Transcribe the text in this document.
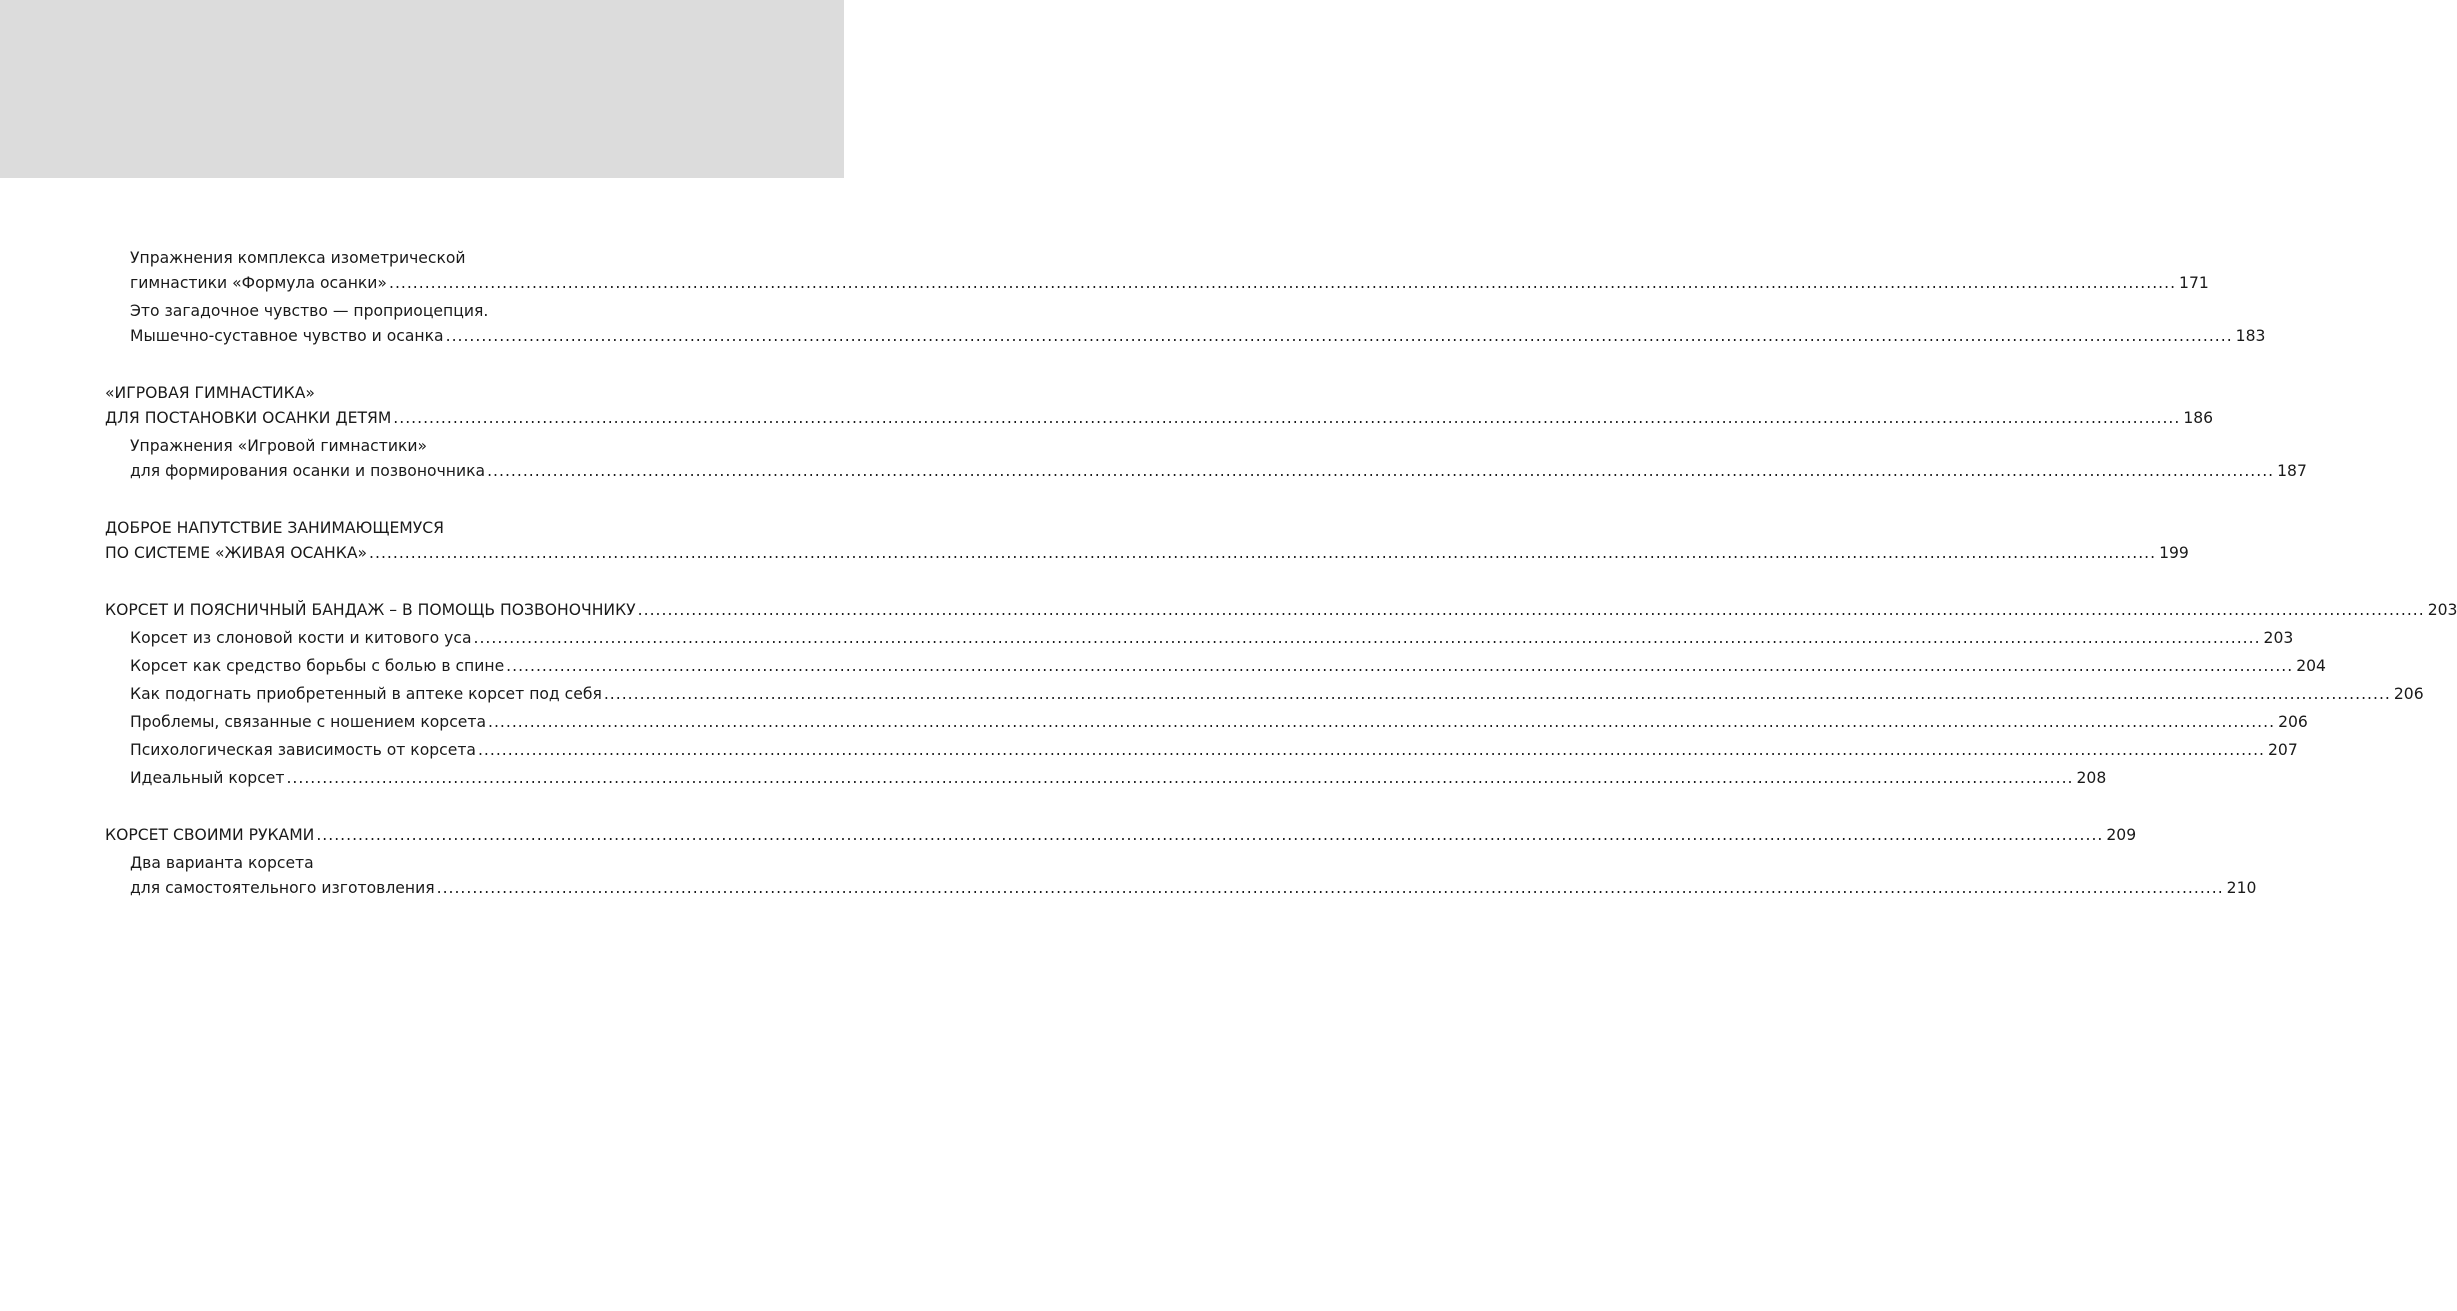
Упражнения комплекса изометрической
гимнастики «Формула осанки» ............................................................................................................................................................................................................................................................................................................ 171
Это загадочное чувство — проприоцепция.
Мышечно-суставное чувство и осанка ............................................................................................................................................................................................................................................................................................................ 183
«ИГРОВАЯ ГИМНАСТИКА»
ДЛЯ ПОСТАНОВКИ ОСАНКИ ДЕТЯМ ............................................................................................................................................................................................................................................................................................................ 186
Упражнения «Игровой гимнастики»
для формирования осанки и позвоночника ............................................................................................................................................................................................................................................................................................................ 187
ДОБРОЕ НАПУТСТВИЕ ЗАНИМАЮЩЕМУСЯ
ПО СИСТЕМЕ «ЖИВАЯ ОСАНКА» ............................................................................................................................................................................................................................................................................................................ 199
КОРСЕТ И ПОЯСНИЧНЫЙ БАНДАЖ – В ПОМОЩЬ ПОЗВОНОЧНИКУ ............................................................................................................................................................................................................................................................................................................ 203
Корсет из слоновой кости и китового уса ............................................................................................................................................................................................................................................................................................................ 203
Корсет как средство борьбы с болью в спине ............................................................................................................................................................................................................................................................................................................ 204
Как подогнать приобретенный в аптеке корсет под себя ............................................................................................................................................................................................................................................................................................................ 206
Проблемы, связанные с ношением корсета ............................................................................................................................................................................................................................................................................................................ 206
Психологическая зависимость от корсета ............................................................................................................................................................................................................................................................................................................ 207
Идеальный корсет ............................................................................................................................................................................................................................................................................................................ 208
КОРСЕТ СВОИМИ РУКАМИ ............................................................................................................................................................................................................................................................................................................ 209
Два варианта корсета
для самостоятельного изготовления ............................................................................................................................................................................................................................................................................................................ 210
